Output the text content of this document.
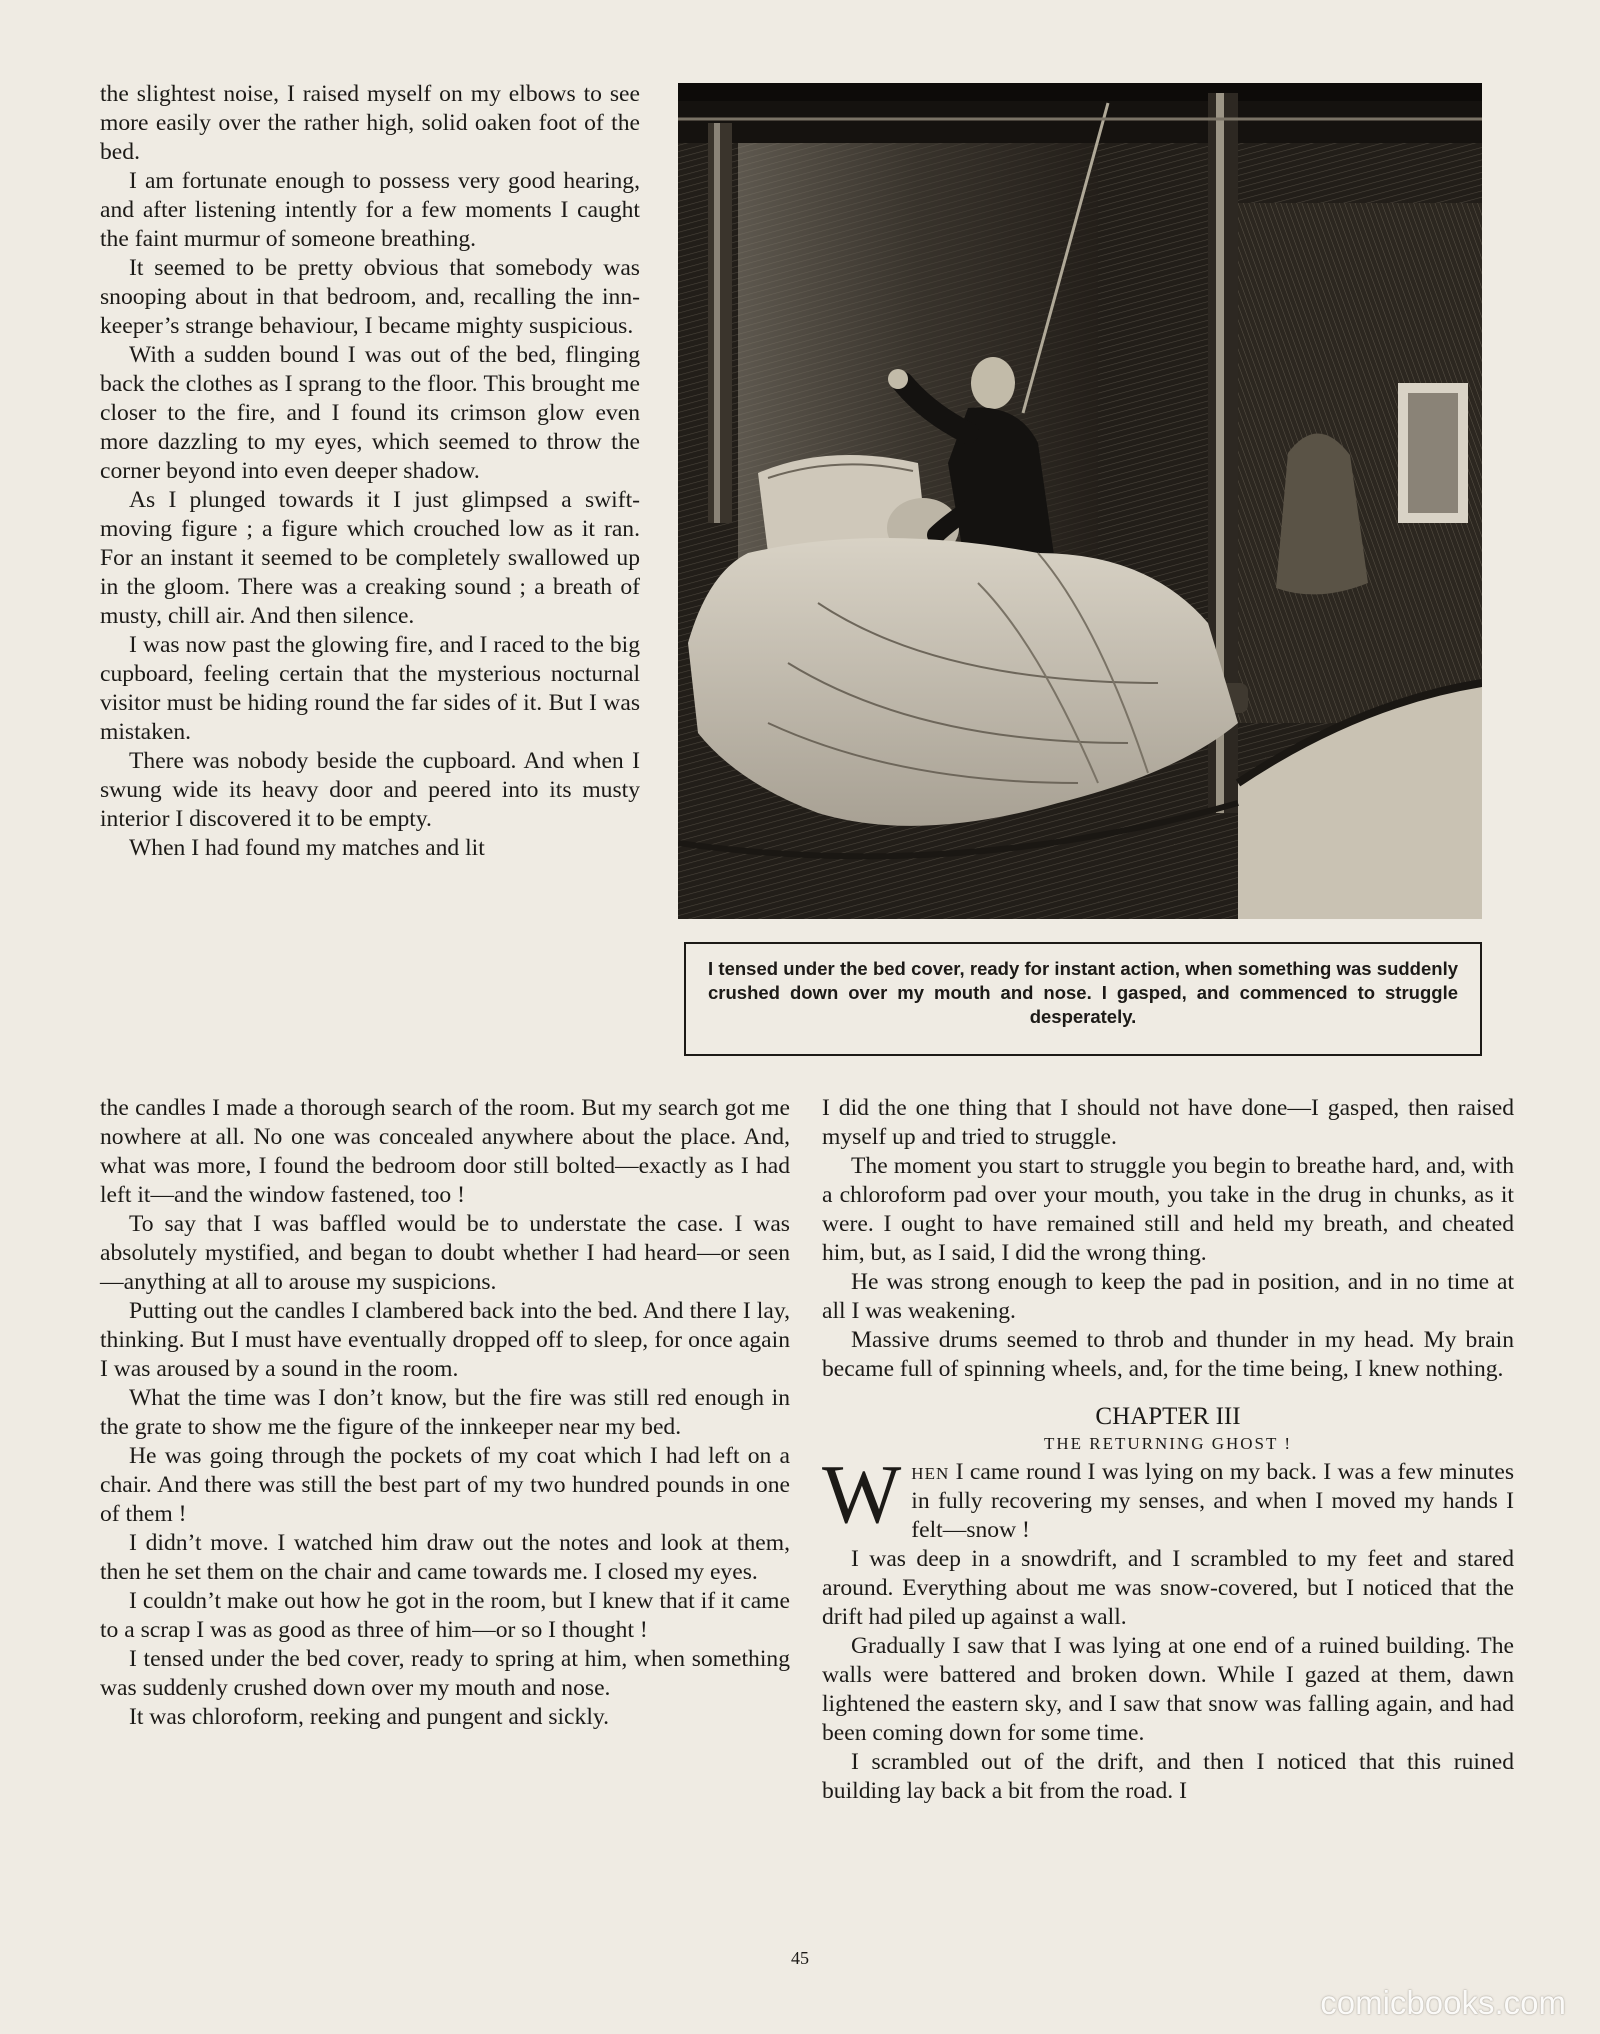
the slightest noise, I raised myself on my elbows to see more easily over the rather high, solid oaken foot of the bed.

I am fortunate enough to possess very good hearing, and after listening intently for a few moments I caught the faint murmur of someone breathing.

It seemed to be pretty obvious that somebody was snooping about in that bedroom, and, recalling the inn-keeper’s strange behaviour, I became mighty suspicious.

With a sudden bound I was out of the bed, flinging back the clothes as I sprang to the floor. This brought me closer to the fire, and I found its crimson glow even more dazzling to my eyes, which seemed to throw the corner beyond into even deeper shadow.

As I plunged towards it I just glimpsed a swift-moving figure ; a figure which crouched low as it ran. For an instant it seemed to be completely swallowed up in the gloom. There was a creaking sound ; a breath of musty, chill air. And then silence.

I was now past the glowing fire, and I raced to the big cupboard, feeling certain that the mysterious nocturnal visitor must be hiding round the far sides of it. But I was mistaken.

There was nobody beside the cupboard. And when I swung wide its heavy door and peered into its musty interior I discovered it to be empty.

When I had found my matches and lit

I tensed under the bed cover, ready for instant action, when something was suddenly crushed down over my mouth and nose. I gasped, and commenced to struggle desperately.

the candles I made a thorough search of the room. But my search got me nowhere at all. No one was concealed anywhere about the place. And, what was more, I found the bedroom door still bolted—exactly as I had left it—and the window fastened, too !

To say that I was baffled would be to understate the case. I was absolutely mystified, and began to doubt whether I had heard—or seen—anything at all to arouse my suspicions.

Putting out the candles I clambered back into the bed. And there I lay, thinking. But I must have eventually dropped off to sleep, for once again I was aroused by a sound in the room.

What the time was I don’t know, but the fire was still red enough in the grate to show me the figure of the innkeeper near my bed.

He was going through the pockets of my coat which I had left on a chair. And there was still the best part of my two hundred pounds in one of them !

I didn’t move. I watched him draw out the notes and look at them, then he set them on the chair and came towards me. I closed my eyes.

I couldn’t make out how he got in the room, but I knew that if it came to a scrap I was as good as three of him—or so I thought !

I tensed under the bed cover, ready to spring at him, when something was suddenly crushed down over my mouth and nose.

It was chloroform, reeking and pungent and sickly.

I did the one thing that I should not have done—I gasped, then raised myself up and tried to struggle.

The moment you start to struggle you begin to breathe hard, and, with a chloroform pad over your mouth, you take in the drug in chunks, as it were. I ought to have remained still and held my breath, and cheated him, but, as I said, I did the wrong thing.

He was strong enough to keep the pad in position, and in no time at all I was weakening.

Massive drums seemed to throb and thunder in my head. My brain became full of spinning wheels, and, for the time being, I knew nothing.

CHAPTER III

THE RETURNING GHOST !

When I came round I was lying on my back. I was a few minutes in fully recovering my senses, and when I moved my hands I felt—snow !

I was deep in a snowdrift, and I scrambled to my feet and stared around. Everything about me was snow-covered, but I noticed that the drift had piled up against a wall.

Gradually I saw that I was lying at one end of a ruined building. The walls were battered and broken down. While I gazed at them, dawn lightened the eastern sky, and I saw that snow was falling again, and had been coming down for some time.

I scrambled out of the drift, and then I noticed that this ruined building lay back a bit from the road. I

45
comicbooks.com
